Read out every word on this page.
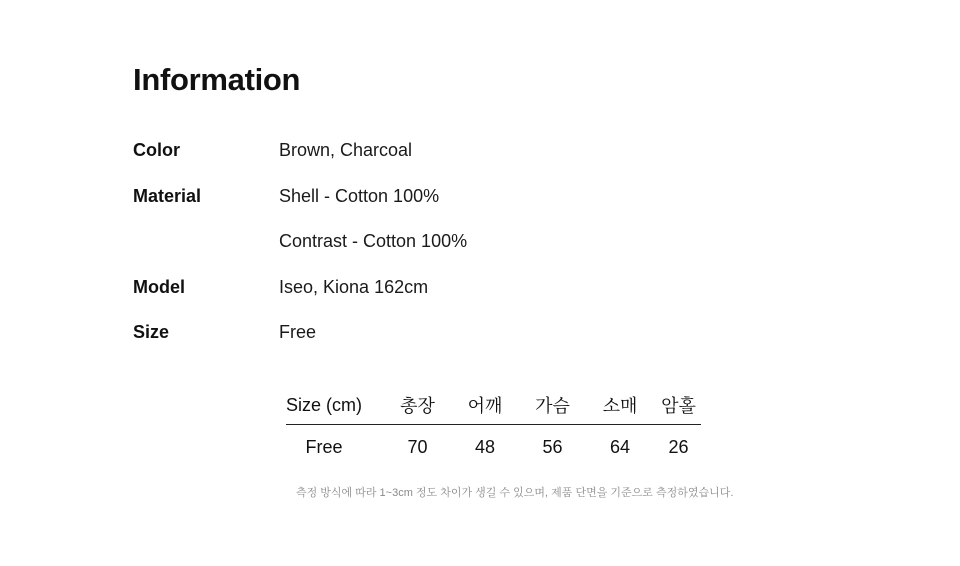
Information
Color	Brown, Charcoal
Material	Shell - Cotton 100%
Contrast - Cotton 100%
Model	Iseo, Kiona 162cm
Size	Free
Size (cm)	총장	어깨	가슴	소매	암홀
Free	70	48	56	64	26
측정 방식에 따라 1~3cm 정도 차이가 생길 수 있으며, 제품 단면을 기준으로 측정하였습니다.
